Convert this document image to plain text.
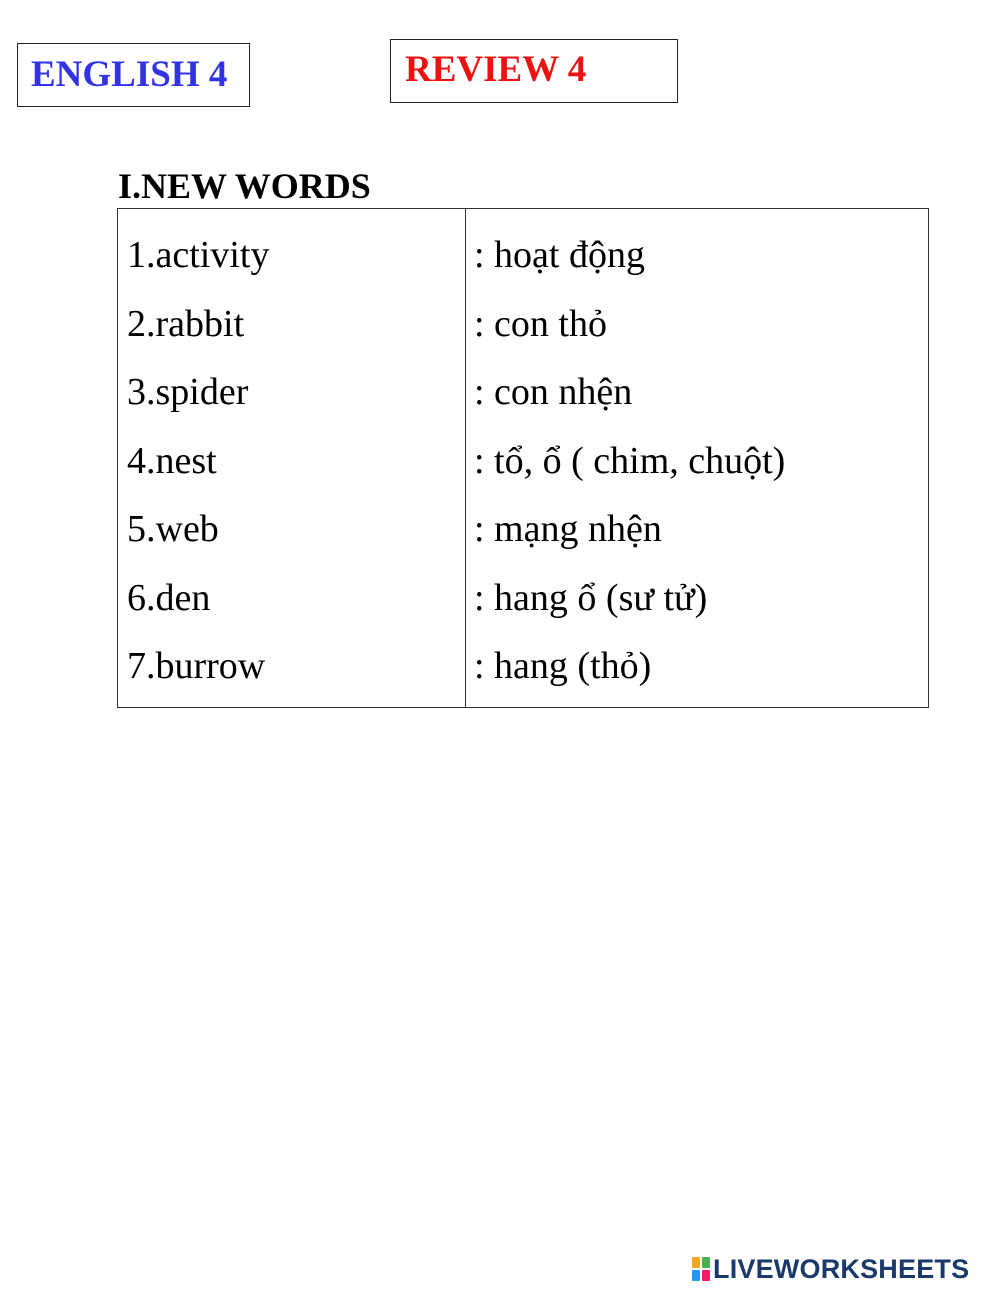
ENGLISH 4	REVIEW 4
I.NEW WORDS
1.activity
2.rabbit
3.spider
4.nest
5.web
6.den
7.burrow
: hoạt động
: con thỏ
: con nhện
: tổ, ổ ( chim, chuột)
: mạng nhện
: hang ổ (sư tử)
: hang (thỏ)
LIVEWORKSHEETS
